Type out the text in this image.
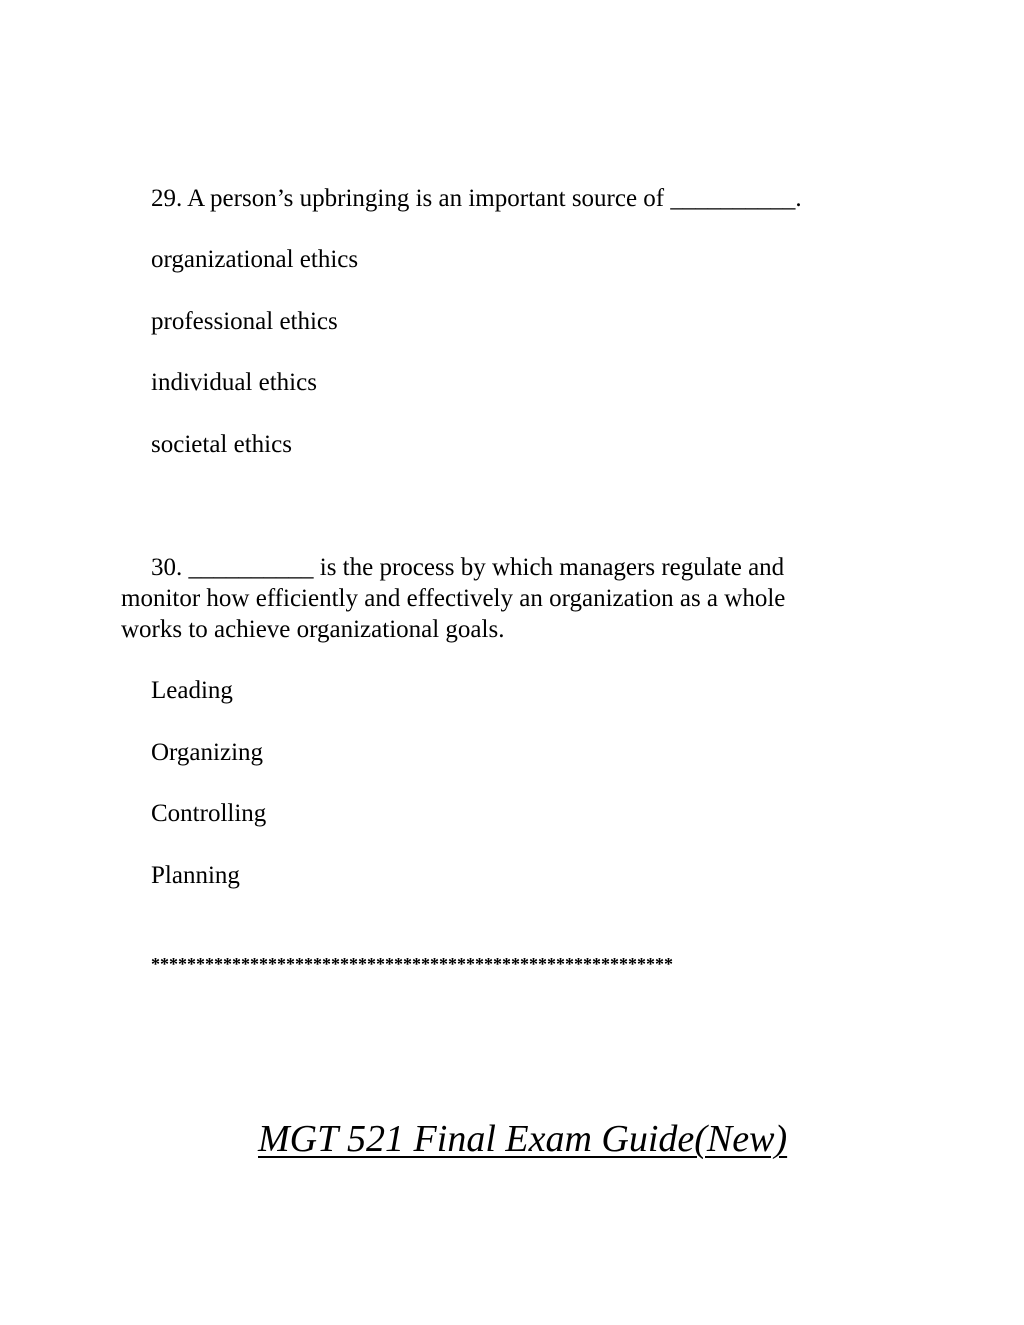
29. A person’s upbringing is an important source of __________.
organizational ethics
professional ethics
individual ethics
societal ethics
30. __________ is the process by which managers regulate and
monitor how efficiently and effectively an organization as a whole
works to achieve organizational goals.
Leading
Organizing
Controlling
Planning
**********************************************************
MGT 521 Final Exam Guide(New)
